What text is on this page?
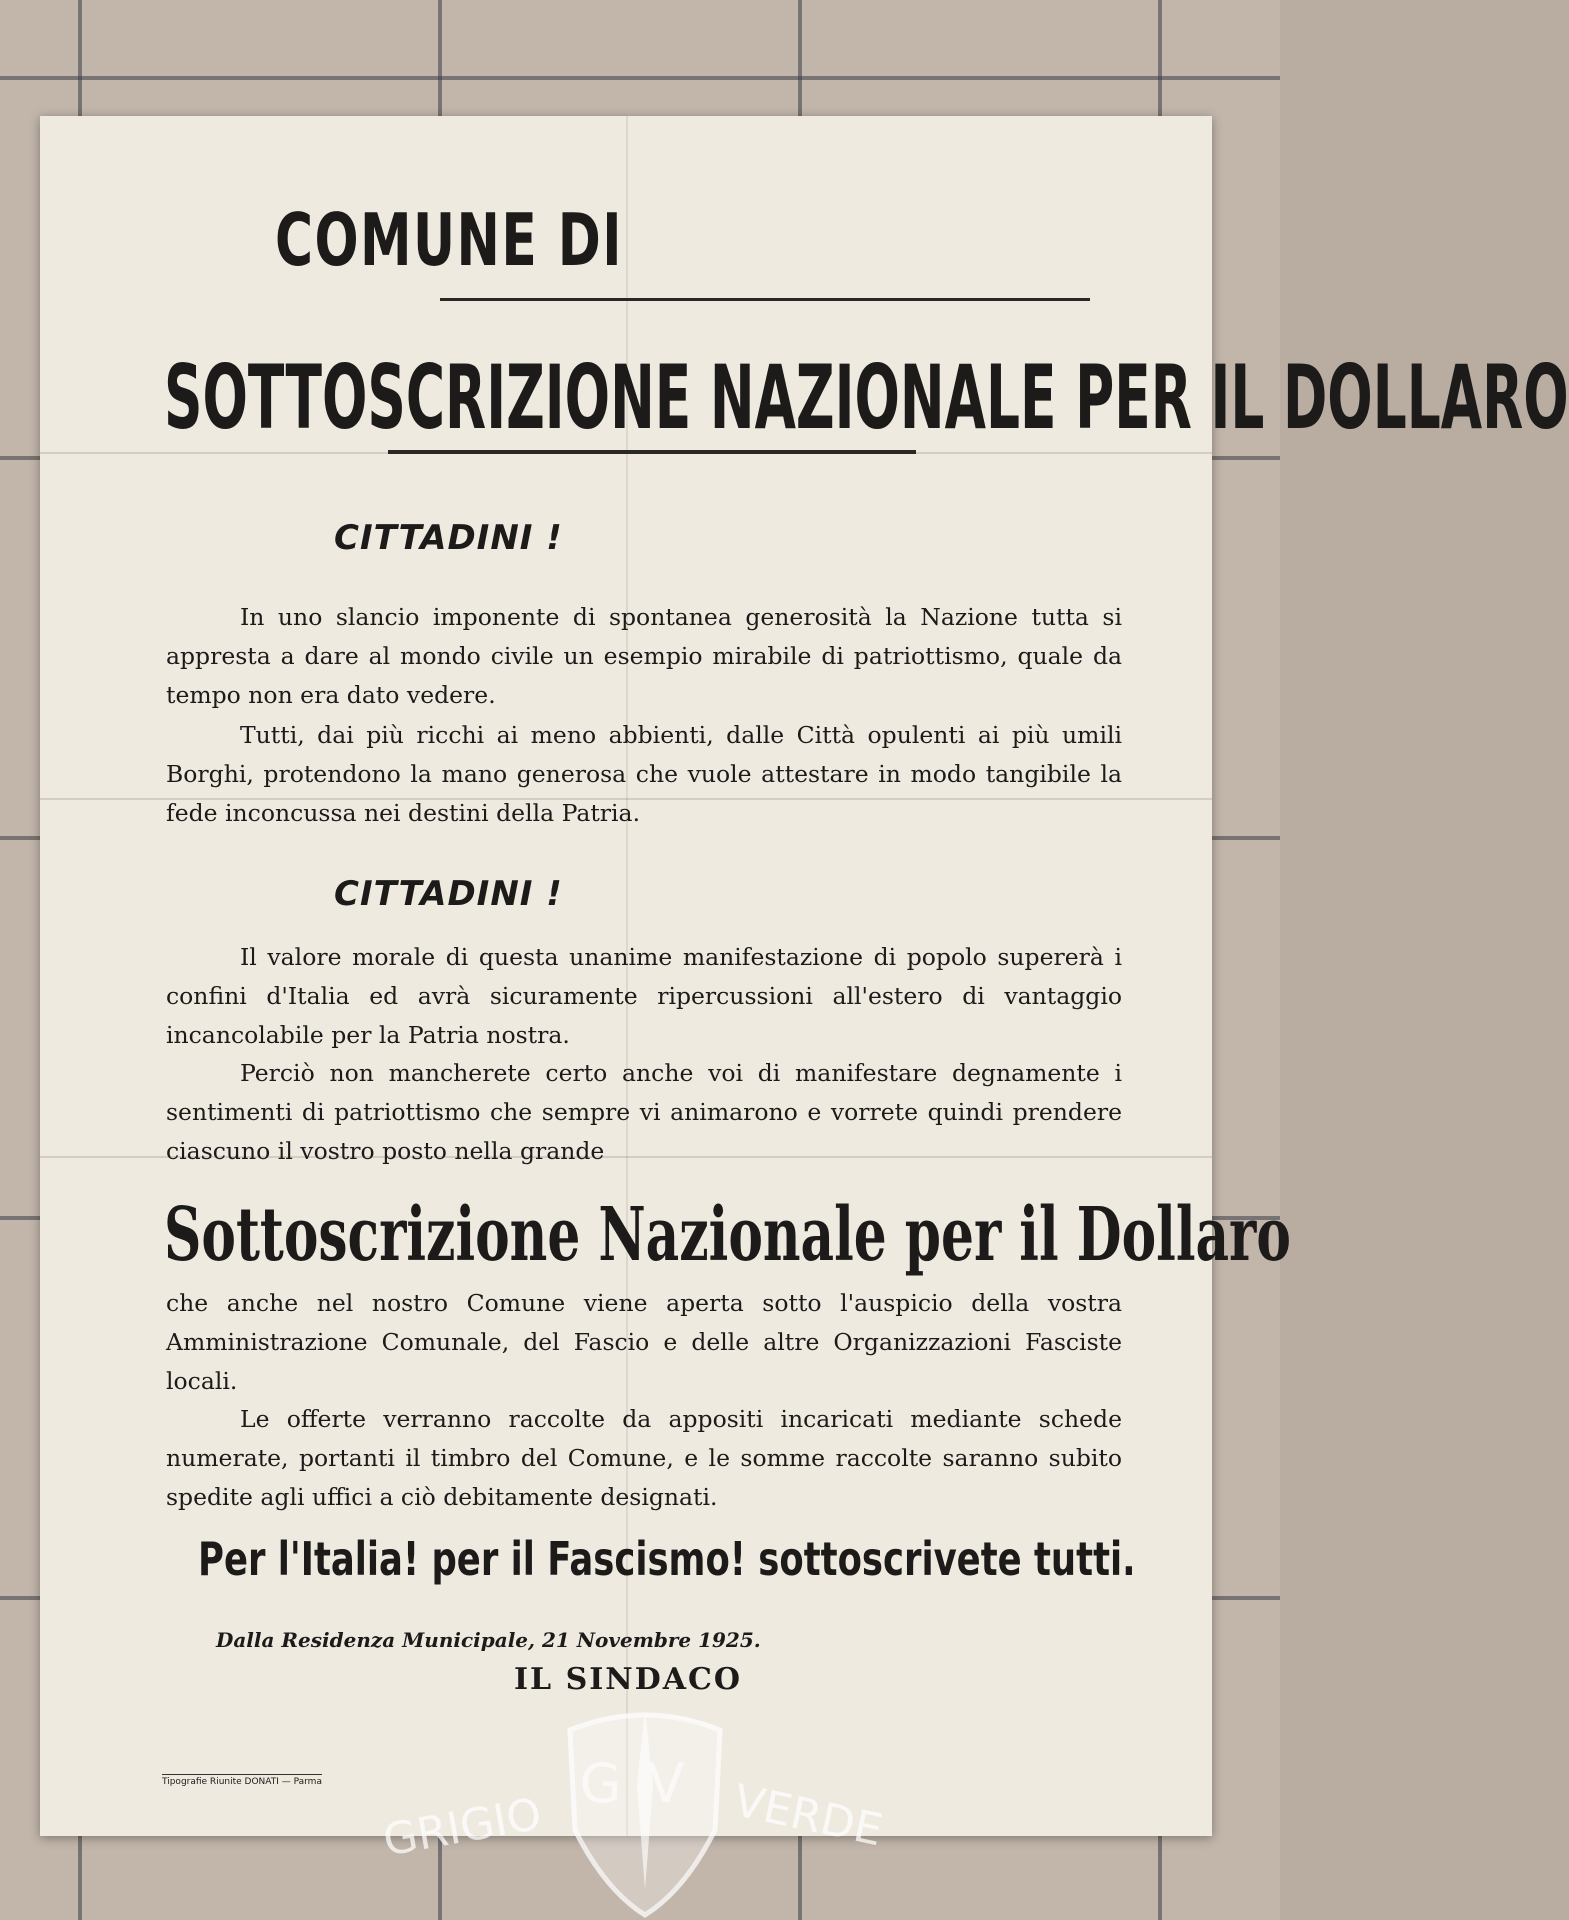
COMUNE DI
SOTTOSCRIZIONE NAZIONALE PER IL DOLLARO
CITTADINI !
In uno slancio imponente di spontanea generosità la Nazione tutta si appresta a dare al mondo civile un esempio mirabile di patriottismo, quale da tempo non era dato vedere.
Tutti, dai più ricchi ai meno abbienti, dalle Città opulenti ai più umili Borghi, protendono la mano generosa che vuole attestare in modo tangibile la fede inconcussa nei destini della Patria.
CITTADINI !
Il valore morale di questa unanime manifestazione di popolo supererà i confini d'Italia ed avrà sicuramente ripercussioni all'estero di vantaggio incancolabile per la Patria nostra.
Perciò non mancherete certo anche voi di manifestare degnamente i sentimenti di patriottismo che sempre vi animarono e vorrete quindi prendere ciascuno il vostro posto nella grande
Sottoscrizione Nazionale per il Dollaro
che anche nel nostro Comune viene aperta sotto l'auspicio della vostra Amministrazione Comunale, del Fascio e delle altre Organizzazioni Fasciste locali.
Le offerte verranno raccolte da appositi incaricati mediante schede numerate, portanti il timbro del Comune, e le somme raccolte saranno subito spedite agli uffici a ciò debitamente designati.
Per l'Italia! per il Fascismo! sottoscrivete tutti.
Dalla Residenza Municipale, 21 Novembre 1925.
IL SINDACO
Tipografie Riunite DONATI — Parma	GV
GRIGIO	VERDE
